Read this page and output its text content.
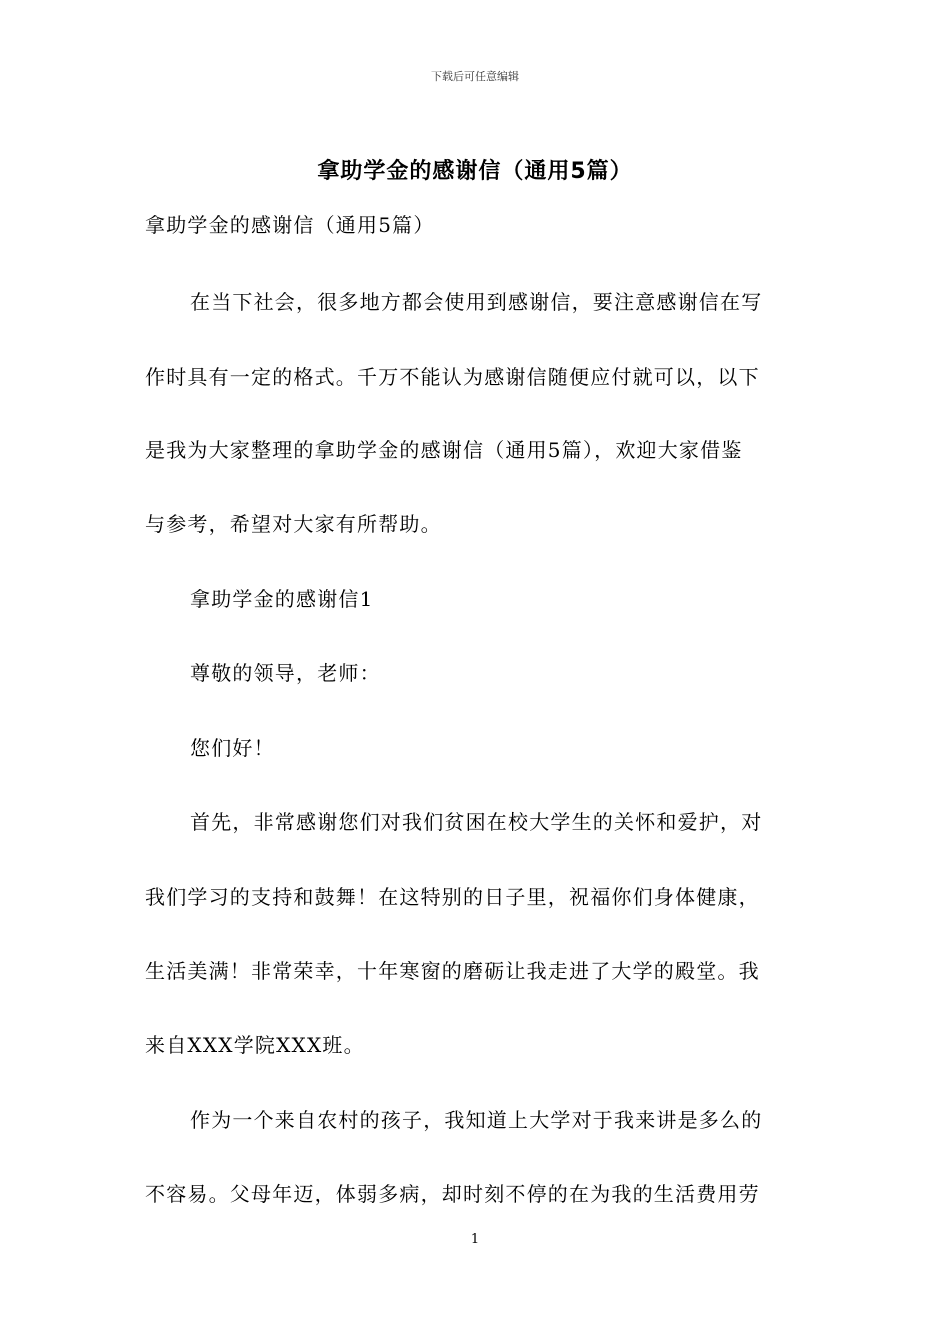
下载后可任意编辑
拿助学金的感谢信（通用5篇）
拿助学金的感谢信（通用5篇）
在当下社会，很多地方都会使用到感谢信，要注意感谢信在写
作时具有一定的格式。千万不能认为感谢信随便应付就可以，以下
是我为大家整理的拿助学金的感谢信（通用5篇），欢迎大家借鉴
与参考，希望对大家有所帮助。
拿助学金的感谢信1
尊敬的领导，老师：
您们好！
首先，非常感谢您们对我们贫困在校大学生的关怀和爱护，对
我们学习的支持和鼓舞！在这特别的日子里，祝福你们身体健康，
生活美满！非常荣幸，十年寒窗的磨砺让我走进了大学的殿堂。我
来自XXX学院XXX班。
作为一个来自农村的孩子，我知道上大学对于我来讲是多么的
不容易。父母年迈，体弱多病，却时刻不停的在为我的生活费用劳
1
